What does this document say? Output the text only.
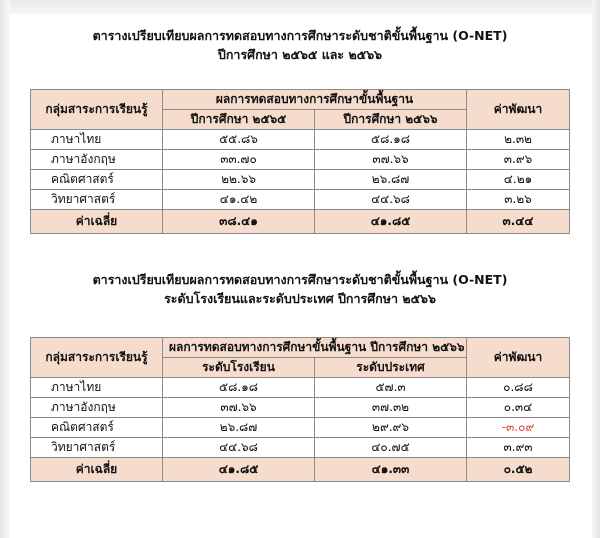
ตารางเปรียบเทียบผลการทดสอบทางการศึกษาระดับชาติขั้นพื้นฐาน (O-NET)
ปีการศึกษา ๒๕๖๕ และ ๒๕๖๖
กลุ่มสาระการเรียนรู้	ผลการทดสอบทางการศึกษาขั้นพื้นฐาน		ค่าพัฒนา
	ปีการศึกษา ๒๕๖๕	ปีการศึกษา ๒๕๖๖	
ภาษาไทย	๕๕.๘๖	๕๘.๑๘	๒.๓๒
ภาษาอังกฤษ	๓๓.๗๐	๓๗.๖๖	๓.๙๖
คณิตศาสตร์	๒๒.๖๖	๒๖.๘๗	๔.๒๑
วิทยาศาสตร์	๔๑.๔๒	๔๔.๖๘	๓.๒๖
ค่าเฉลี่ย	๓๘.๔๑	๔๑.๘๕	๓.๔๔
ตารางเปรียบเทียบผลการทดสอบทางการศึกษาระดับชาติขั้นพื้นฐาน (O-NET)
ระดับโรงเรียนและระดับประเทศ ปีการศึกษา ๒๕๖๖
กลุ่มสาระการเรียนรู้	ผลการทดสอบทางการศึกษาขั้นพื้นฐาน ปีการศึกษา ๒๕๖๖		ค่าพัฒนา
	ระดับโรงเรียน	ระดับประเทศ	
ภาษาไทย	๕๘.๑๘	๕๗.๓	๐.๘๘
ภาษาอังกฤษ	๓๗.๖๖	๓๗.๓๒	๐.๓๔
คณิตศาสตร์	๒๖.๘๗	๒๙.๙๖	-๓.๐๙
วิทยาศาสตร์	๔๔.๖๘	๔๐.๗๕	๓.๙๓
ค่าเฉลี่ย	๔๑.๘๕	๔๑.๓๓	๐.๕๒
